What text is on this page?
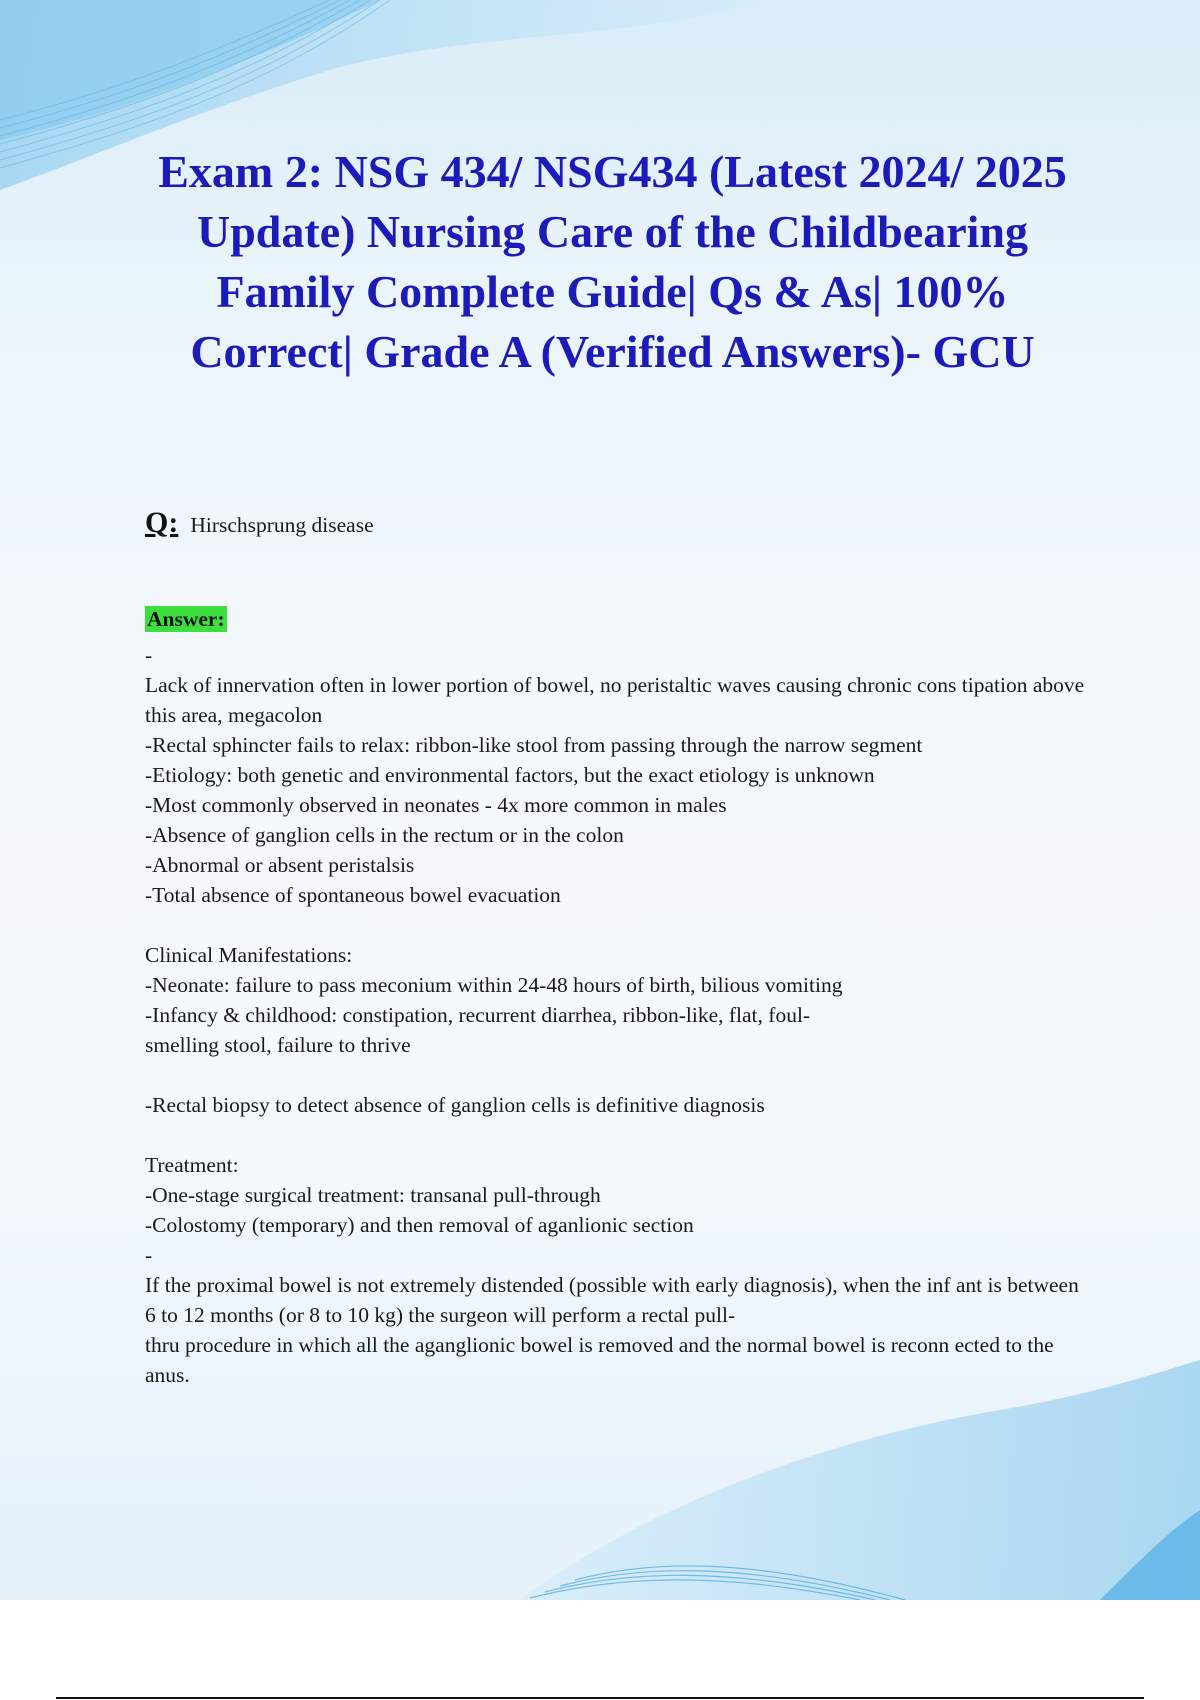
Exam 2: NSG 434/ NSG434 (Latest 2024/ 2025 Update) Nursing Care of the Childbearing Family Complete Guide| Qs & As| 100% Correct| Grade A (Verified Answers)- GCU
Q: Hirschsprung disease
Answer:
-
Lack of innervation often in lower portion of bowel, no peristaltic waves causing chronic cons tipation above this area, megacolon
-Rectal sphincter fails to relax: ribbon-like stool from passing through the narrow segment
-Etiology: both genetic and environmental factors, but the exact etiology is unknown
-Most commonly observed in neonates - 4x more common in males
-Absence of ganglion cells in the rectum or in the colon
-Abnormal or absent peristalsis
-Total absence of spontaneous bowel evacuation

Clinical Manifestations:
-Neonate: failure to pass meconium within 24-48 hours of birth, bilious vomiting
-Infancy & childhood: constipation, recurrent diarrhea, ribbon-like, flat, foul-
smelling stool, failure to thrive

-Rectal biopsy to detect absence of ganglion cells is definitive diagnosis

Treatment:
-One-stage surgical treatment: transanal pull-through
-Colostomy (temporary) and then removal of aganlionic section
-
If the proximal bowel is not extremely distended (possible with early diagnosis), when the inf ant is between 6 to 12 months (or 8 to 10 kg) the surgeon will perform a rectal pull-
thru procedure in which all the aganglionic bowel is removed and the normal bowel is reconn ected to the anus.
